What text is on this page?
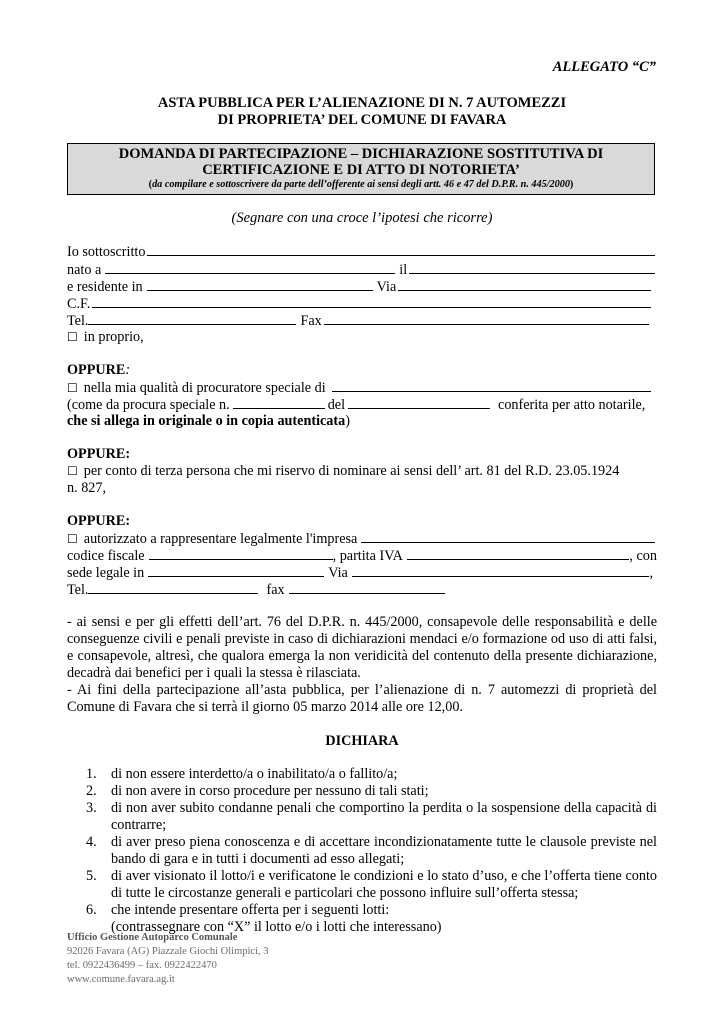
ALLEGATO “C”
ASTA PUBBLICA PER L’ALIENAZIONE DI N. 7 AUTOMEZZI
DI PROPRIETA’ DEL COMUNE DI FAVARA
DOMANDA DI PARTECIPAZIONE – DICHIARAZIONE SOSTITUTIVA DI
CERTIFICAZIONE E DI ATTO DI NOTORIETA’
(da compilare e sottoscrivere da parte dell’offerente ai sensi degli artt. 46 e 47 del D.P.R. n. 445/2000)
(Segnare con una croce l’ipotesi che ricorre)
Io sottoscritto
nato a	il
e residente in	Via
C.F.
Tel.	Fax
☐ in proprio,
OPPURE:
☐ nella mia qualità di procuratore speciale di
(come da procura speciale n.	del	conferita per atto notarile,
che si allega in originale o in copia autenticata)
OPPURE:
☐ per conto di terza persona che mi riservo di nominare ai sensi dell’ art. 81 del R.D. 23.05.1924
n. 827,
OPPURE:
☐ autorizzato a rappresentare legalmente l'impresa
codice fiscale	, partita IVA	, con
sede legale in	Via	,
Tel.	fax
- ai sensi e per gli effetti dell’art. 76 del D.P.R. n. 445/2000, consapevole delle responsabilità e delle conseguenze civili e penali previste in caso di dichiarazioni mendaci e/o formazione od uso di atti falsi, e consapevole, altresì, che qualora emerga la non veridicità del contenuto della presente dichiarazione, decadrà dai benefici per i quali la stessa è rilasciata.
- Ai fini della partecipazione all’asta pubblica, per l’alienazione di n. 7 automezzi di proprietà del Comune di Favara che si terrà il giorno 05 marzo 2014 alle ore 12,00.
DICHIARA
1. di non essere interdetto/a o inabilitato/a o fallito/a;
2. di non avere in corso procedure per nessuno di tali stati;
3. di non aver subito condanne penali che comportino la perdita o la sospensione della capacità di contrarre;
4. di aver preso piena conoscenza e di accettare incondizionatamente tutte le clausole previste nel bando di gara e in tutti i documenti ad esso allegati;
5. di aver visionato il lotto/i e verificatone le condizioni e lo stato d’uso, e che l’offerta tiene conto di tutte le circostanze generali e particolari che possono influire sull’offerta stessa;
6. che intende presentare offerta per i seguenti lotti:
(contrassegnare con “X” il lotto e/o i lotti che interessano)
Ufficio Gestione Autoparco Comunale
92026 Favara (AG) Piazzale Giochi Olimpici, 3
tel. 0922436499 – fax. 0922422470
www.comune.favara.ag.it
